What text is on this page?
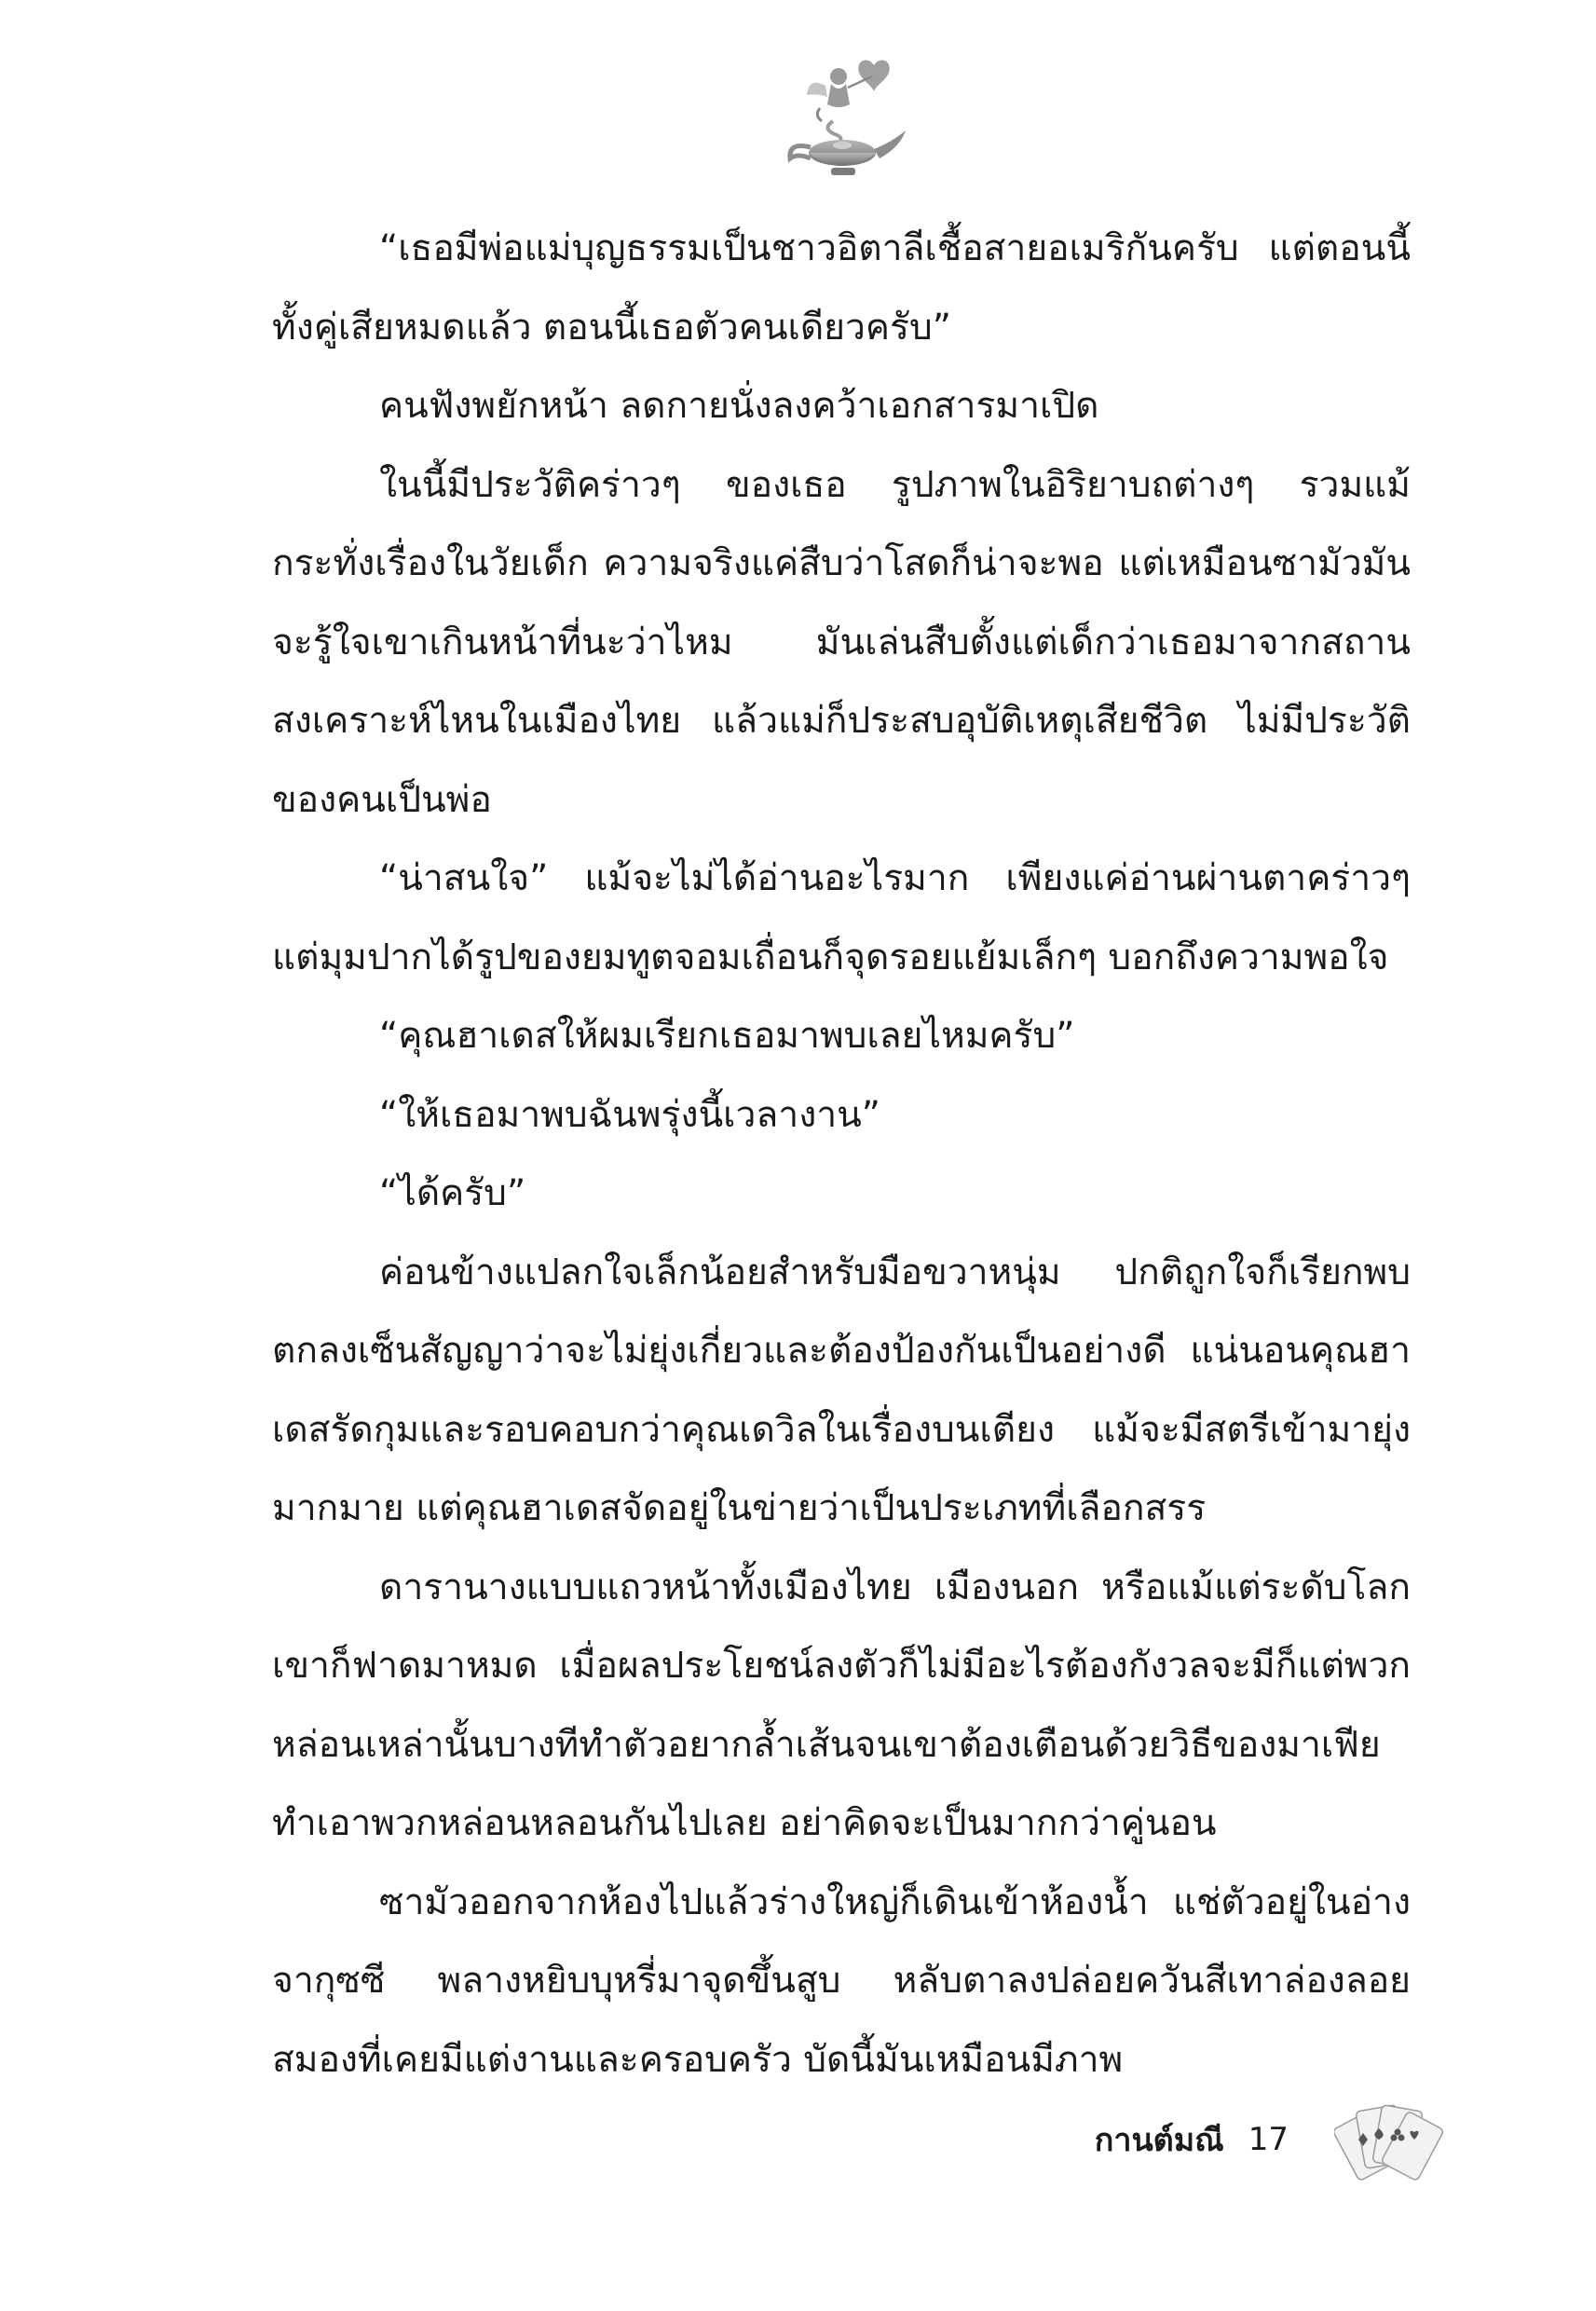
“เธอมีพ่อแม่บุญธรรมเป็นชาวอิตาลีเชื้อสายอเมริกันครับ แต่ตอนนี้ทั้งคู่เสียหมดแล้ว ตอนนี้เธอตัวคนเดียวครับ”

คนฟังพยักหน้า ลดกายนั่งลงคว้าเอกสารมาเปิด

ในนี้มีประวัติคร่าวๆ ของเธอ รูปภาพในอิริยาบถต่างๆ รวมแม้กระทั่งเรื่องในวัยเด็ก ความจริงแค่สืบว่าโสดก็น่าจะพอ แต่เหมือนซามัวมันจะรู้ใจเขาเกินหน้าที่นะว่าไหม มันเล่นสืบตั้งแต่เด็กว่าเธอมาจากสถานสงเคราะห์ไหนในเมืองไทย แล้วแม่ก็ประสบอุบัติเหตุเสียชีวิต ไม่มีประวัติของคนเป็นพ่อ

“น่าสนใจ” แม้จะไม่ได้อ่านอะไรมาก เพียงแค่อ่านผ่านตาคร่าวๆ แต่มุมปากได้รูปของยมทูตจอมเถื่อนก็จุดรอยแย้มเล็กๆ บอกถึงความพอใจ

“คุณฮาเดสให้ผมเรียกเธอมาพบเลยไหมครับ”

“ให้เธอมาพบฉันพรุ่งนี้เวลางาน”

“ได้ครับ”

ค่อนข้างแปลกใจเล็กน้อยสำหรับมือขวาหนุ่ม ปกติถูกใจก็เรียกพบตกลงเซ็นสัญญาว่าจะไม่ยุ่งเกี่ยวและต้องป้องกันเป็นอย่างดี แน่นอนคุณฮาเดสรัดกุมและรอบคอบกว่าคุณเดวิลในเรื่องบนเตียง แม้จะมีสตรีเข้ามายุ่งมากมาย แต่คุณฮาเดสจัดอยู่ในข่ายว่าเป็นประเภทที่เลือกสรร

ดารานางแบบแถวหน้าทั้งเมืองไทย เมืองนอก หรือแม้แต่ระดับโลกเขาก็ฟาดมาหมด เมื่อผลประโยชน์ลงตัวก็ไม่มีอะไรต้องกังวลจะมีก็แต่พวกหล่อนเหล่านั้นบางทีทำตัวอยากล้ำเส้นจนเขาต้องเตือนด้วยวิธีของมาเฟีย ทำเอาพวกหล่อนหลอนกันไปเลย อย่าคิดจะเป็นมากกว่าคู่นอน

ซามัวออกจากห้องไปแล้วร่างใหญ่ก็เดินเข้าห้องน้ำ แช่ตัวอยู่ในอ่างจากุซซี พลางหยิบบุหรี่มาจุดขึ้นสูบ หลับตาลงปล่อยควันสีเทาล่องลอย สมองที่เคยมีแต่งานและครอบครัว บัดนี้มันเหมือนมีภาพ

กานต์มณี 17
